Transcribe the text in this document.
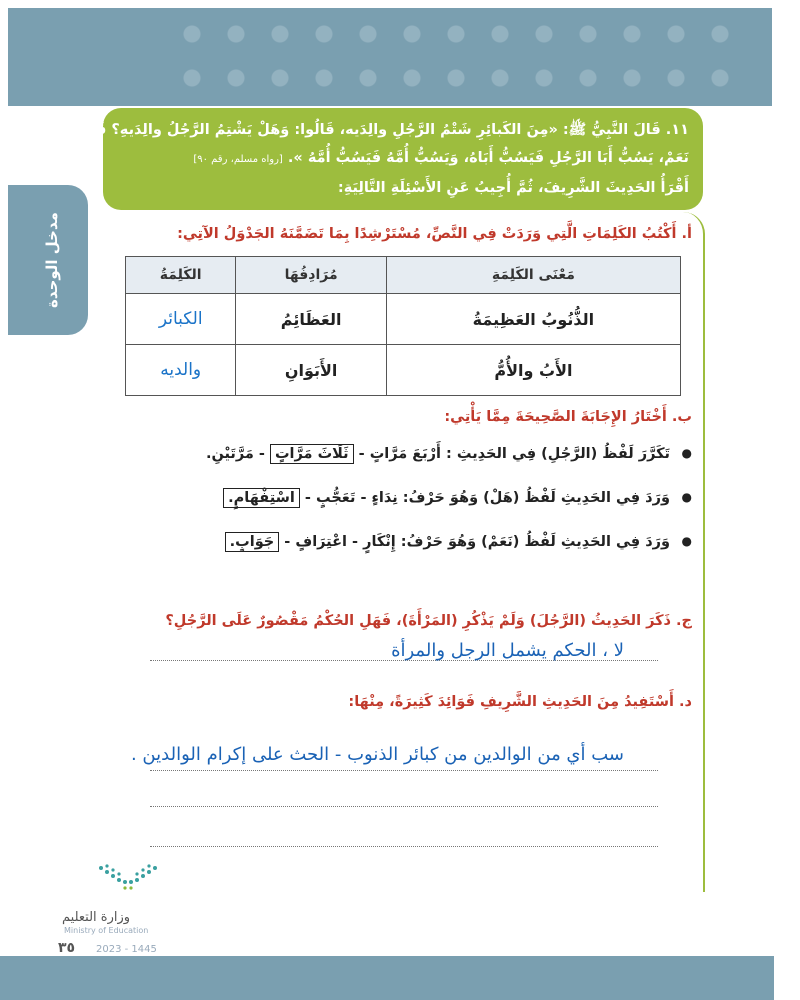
مدخل الوحدة
١١. قَالَ النَّبِيُّ ﷺ: «مِنَ الكَبائِرِ شَتْمُ الرَّجُلِ والِدَيه، قَالُوا: وَهَلْ يَشْتِمُ الرَّجُلُ والِدَيهِ؟ قَالَ:
نَعَمْ، يَسُبُّ أَبَا الرَّجُلِ فَيَسُبُّ أَبَاهُ، وَيَسُبُّ أُمَّهُ فَيَسُبُّ أُمَّهُ ». [رواه مسلم، رقم ٩٠]
أَقْرَأُ الحَدِيثَ الشَّرِيفَ، ثُمَّ أُجِيبُ عَنِ الأَسْئِلَةِ التَّالِيَةِ:
أ. أَكْتُبُ الكَلِمَاتِ الَّتِي وَرَدَتْ فِي النَّصِّ، مُسْتَرْشِدًا بِمَا تَضَمَّنَهُ الجَدْوَلُ الآتِي:
مَعْنَى الكَلِمَةِ	مُرَادِفُهَا	الكَلِمَةُ
الذُّنُوبُ العَظِيمَةُ	العَظَائِمُ	الكبائر
الأَبُ والأُمُّ	الأَبَوَانِ	والديه
ب. أَخْتَارُ الإِجَابَةَ الصَّحِيحَةَ مِمَّا يَأْتِي:
● تَكَرَّرَ لَفْظُ (الرَّجُلِ) فِي الحَدِيثِ : أَرْبَعَ مَرَّاتٍ - ثَلَاثَ مَرَّاتٍ - مَرَّتَيْنِ.
● وَرَدَ فِي الحَدِيثِ لَفْظُ (هَلْ) وَهُوَ حَرْفُ: نِدَاءٍ - تَعَجُّبٍ - اسْتِفْهَامٍ.
● وَرَدَ فِي الحَدِيثِ لَفْظُ (نَعَمْ) وَهُوَ حَرْفُ: إِنْكَارٍ - اعْتِرَافٍ - جَوَابٍ.
ج. ذَكَرَ الحَدِيثُ (الرَّجُلَ) وَلَمْ يَذْكُرِ (المَرْأَةَ)، فَهَلِ الحُكْمُ مَقْصُورٌ عَلَى الرَّجُلِ؟
لا ، الحكم يشمل الرجل والمرأة
د. أَسْتَفِيدُ مِنَ الحَدِيثِ الشَّرِيفِ فَوَائِدَ كَثِيرَةً، مِنْهَا:
سب أي من الوالدين من كبائر الذنوب - الحث على إكرام الوالدين .
وزارة التعليم
Ministry of Education
٣٥ 2023 - 1445
